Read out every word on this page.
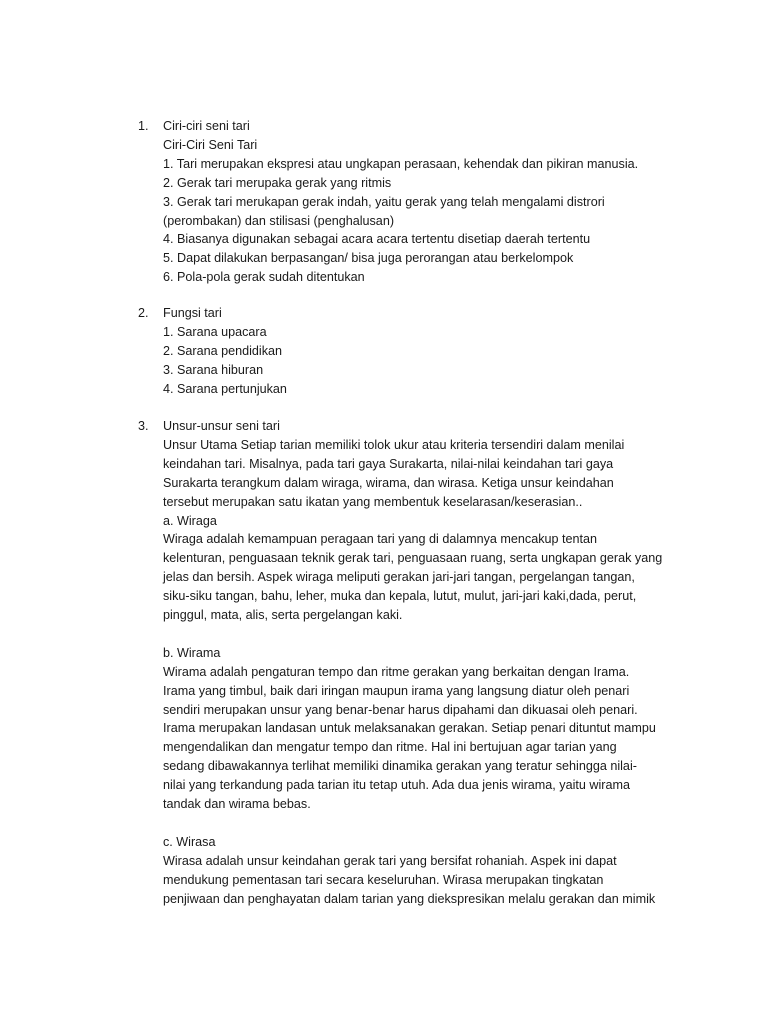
1. Ciri-ciri seni tari
Ciri-Ciri Seni Tari
1. Tari merupakan ekspresi atau ungkapan perasaan, kehendak dan pikiran manusia.
2. Gerak tari merupaka gerak yang ritmis
3. Gerak tari merukapan gerak indah, yaitu gerak yang telah mengalami distrori
(perombakan) dan stilisasi (penghalusan)
4. Biasanya digunakan sebagai acara acara tertentu disetiap daerah tertentu
5. Dapat dilakukan berpasangan/ bisa juga perorangan atau berkelompok
6. Pola-pola gerak sudah ditentukan
2. Fungsi tari
1. Sarana upacara
2. Sarana pendidikan
3. Sarana hiburan
4. Sarana pertunjukan
3. Unsur-unsur seni tari
Unsur Utama Setiap tarian memiliki tolok ukur atau kriteria tersendiri dalam menilai
keindahan tari. Misalnya, pada tari gaya Surakarta, nilai-nilai keindahan tari gaya
Surakarta terangkum dalam wiraga, wirama, dan wirasa. Ketiga unsur keindahan
tersebut merupakan satu ikatan yang membentuk keselarasan/keserasian..
a. Wiraga
Wiraga adalah kemampuan peragaan tari yang di dalamnya mencakup tentan
kelenturan, penguasaan teknik gerak tari, penguasaan ruang, serta ungkapan gerak yang
jelas dan bersih. Aspek wiraga meliputi gerakan jari-jari tangan, pergelangan tangan,
siku-siku tangan, bahu, leher, muka dan kepala, lutut, mulut, jari-jari kaki,dada, perut,
pinggul, mata, alis, serta pergelangan kaki.
b. Wirama
Wirama adalah pengaturan tempo dan ritme gerakan yang berkaitan dengan Irama.
Irama yang timbul, baik dari iringan maupun irama yang langsung diatur oleh penari
sendiri merupakan unsur yang benar-benar harus dipahami dan dikuasai oleh penari.
Irama merupakan landasan untuk melaksanakan gerakan. Setiap penari dituntut mampu
mengendalikan dan mengatur tempo dan ritme. Hal ini bertujuan agar tarian yang
sedang dibawakannya terlihat memiliki dinamika gerakan yang teratur sehingga nilai-
nilai yang terkandung pada tarian itu tetap utuh. Ada dua jenis wirama, yaitu wirama
tandak dan wirama bebas.
c. Wirasa
Wirasa adalah unsur keindahan gerak tari yang bersifat rohaniah. Aspek ini dapat
mendukung pementasan tari secara keseluruhan. Wirasa merupakan tingkatan
penjiwaan dan penghayatan dalam tarian yang diekspresikan melalu gerakan dan mimik
